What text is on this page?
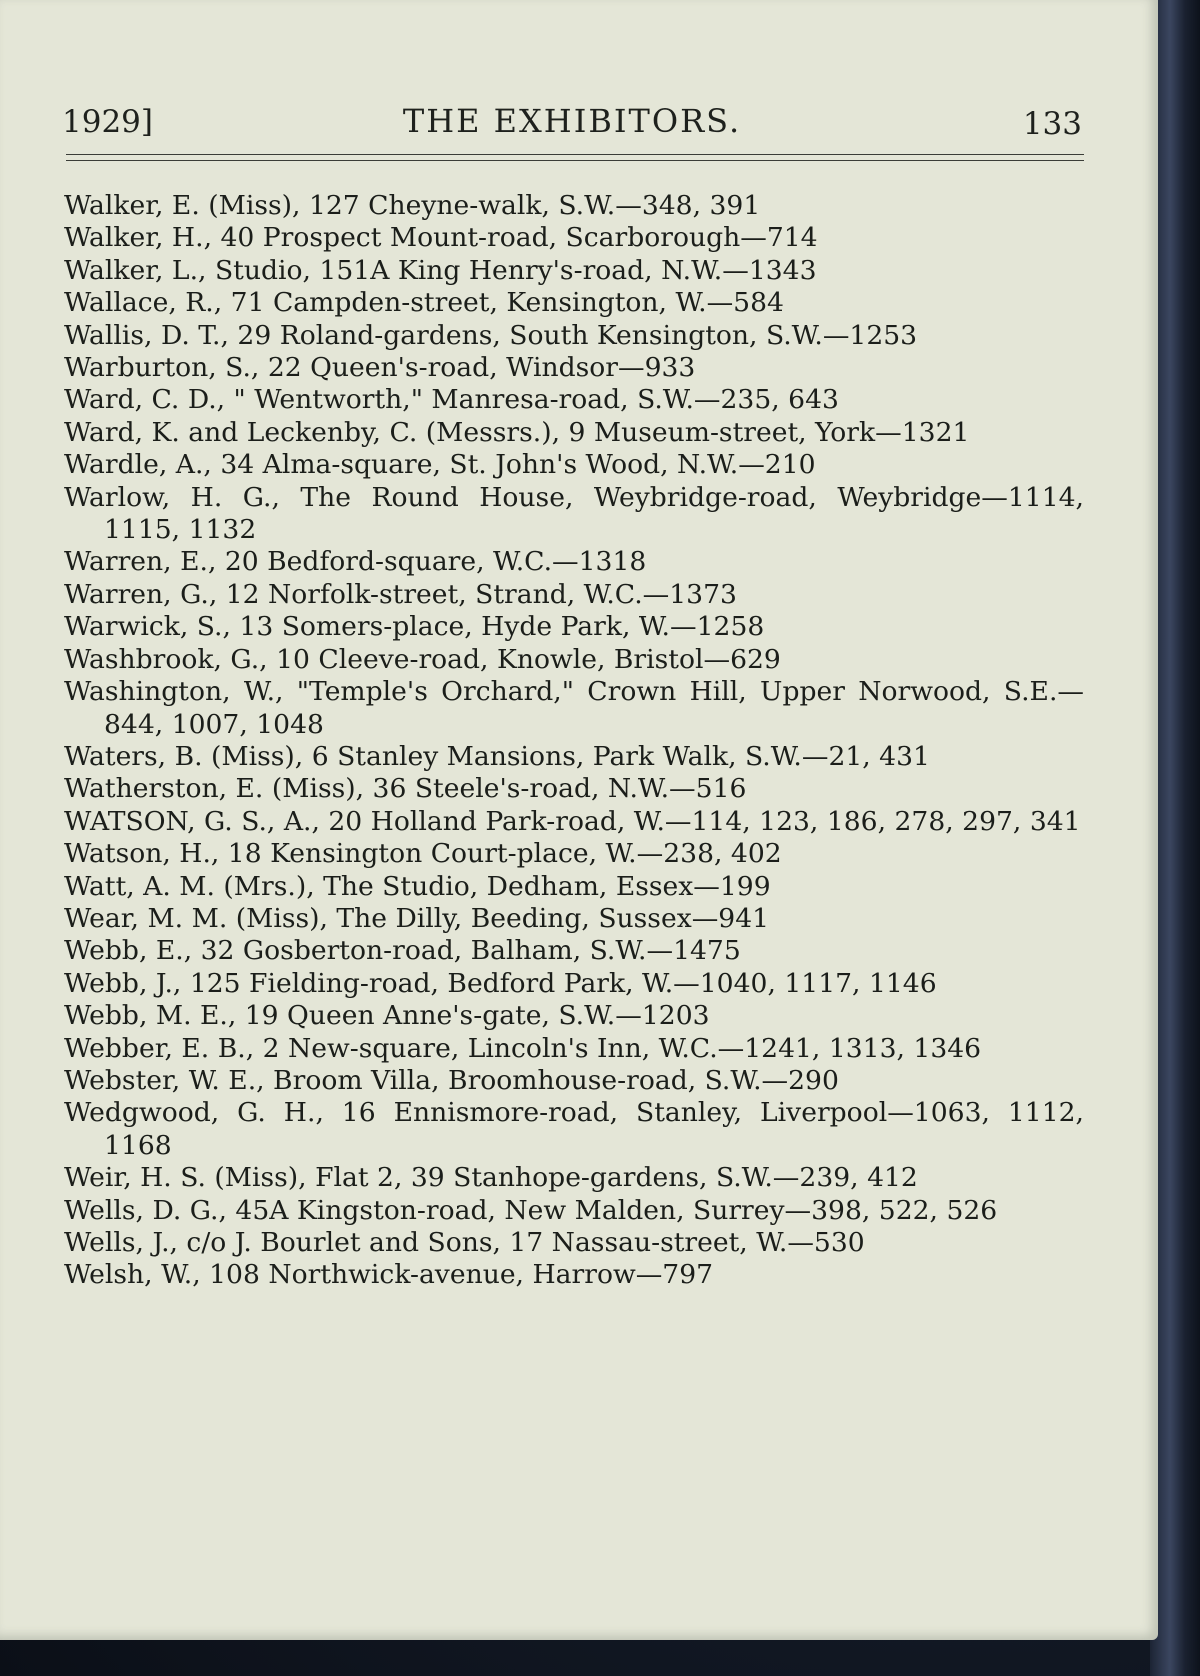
1929]	THE EXHIBITORS.	133
Walker, E. (Miss), 127 Cheyne-walk, S.W.—348, 391
Walker, H., 40 Prospect Mount-road, Scarborough—714
Walker, L., Studio, 151A King Henry's-road, N.W.—1343
Wallace, R., 71 Campden-street, Kensington, W.—584
Wallis, D. T., 29 Roland-gardens, South Kensington, S.W.—1253
Warburton, S., 22 Queen's-road, Windsor—933
Ward, C. D., " Wentworth," Manresa-road, S.W.—235, 643
Ward, K. and Leckenby, C. (Messrs.), 9 Museum-street, York—1321
Wardle, A., 34 Alma-square, St. John's Wood, N.W.—210
Warlow, H. G., The Round House, Weybridge-road, Weybridge—1114, 1115, 1132
Warren, E., 20 Bedford-square, W.C.—1318
Warren, G., 12 Norfolk-street, Strand, W.C.—1373
Warwick, S., 13 Somers-place, Hyde Park, W.—1258
Washbrook, G., 10 Cleeve-road, Knowle, Bristol—629
Washington, W., "Temple's Orchard," Crown Hill, Upper Norwood, S.E.—844, 1007, 1048
Waters, B. (Miss), 6 Stanley Mansions, Park Walk, S.W.—21, 431
Watherston, E. (Miss), 36 Steele's-road, N.W.—516
WATSON, G. S., A., 20 Holland Park-road, W.—114, 123, 186, 278, 297, 341
Watson, H., 18 Kensington Court-place, W.—238, 402
Watt, A. M. (Mrs.), The Studio, Dedham, Essex—199
Wear, M. M. (Miss), The Dilly, Beeding, Sussex—941
Webb, E., 32 Gosberton-road, Balham, S.W.—1475
Webb, J., 125 Fielding-road, Bedford Park, W.—1040, 1117, 1146
Webb, M. E., 19 Queen Anne's-gate, S.W.—1203
Webber, E. B., 2 New-square, Lincoln's Inn, W.C.—1241, 1313, 1346
Webster, W. E., Broom Villa, Broomhouse-road, S.W.—290
Wedgwood, G. H., 16 Ennismore-road, Stanley, Liverpool—1063, 1112, 1168
Weir, H. S. (Miss), Flat 2, 39 Stanhope-gardens, S.W.—239, 412
Wells, D. G., 45A Kingston-road, New Malden, Surrey—398, 522, 526
Wells, J., c/o J. Bourlet and Sons, 17 Nassau-street, W.—530
Welsh, W., 108 Northwick-avenue, Harrow—797
